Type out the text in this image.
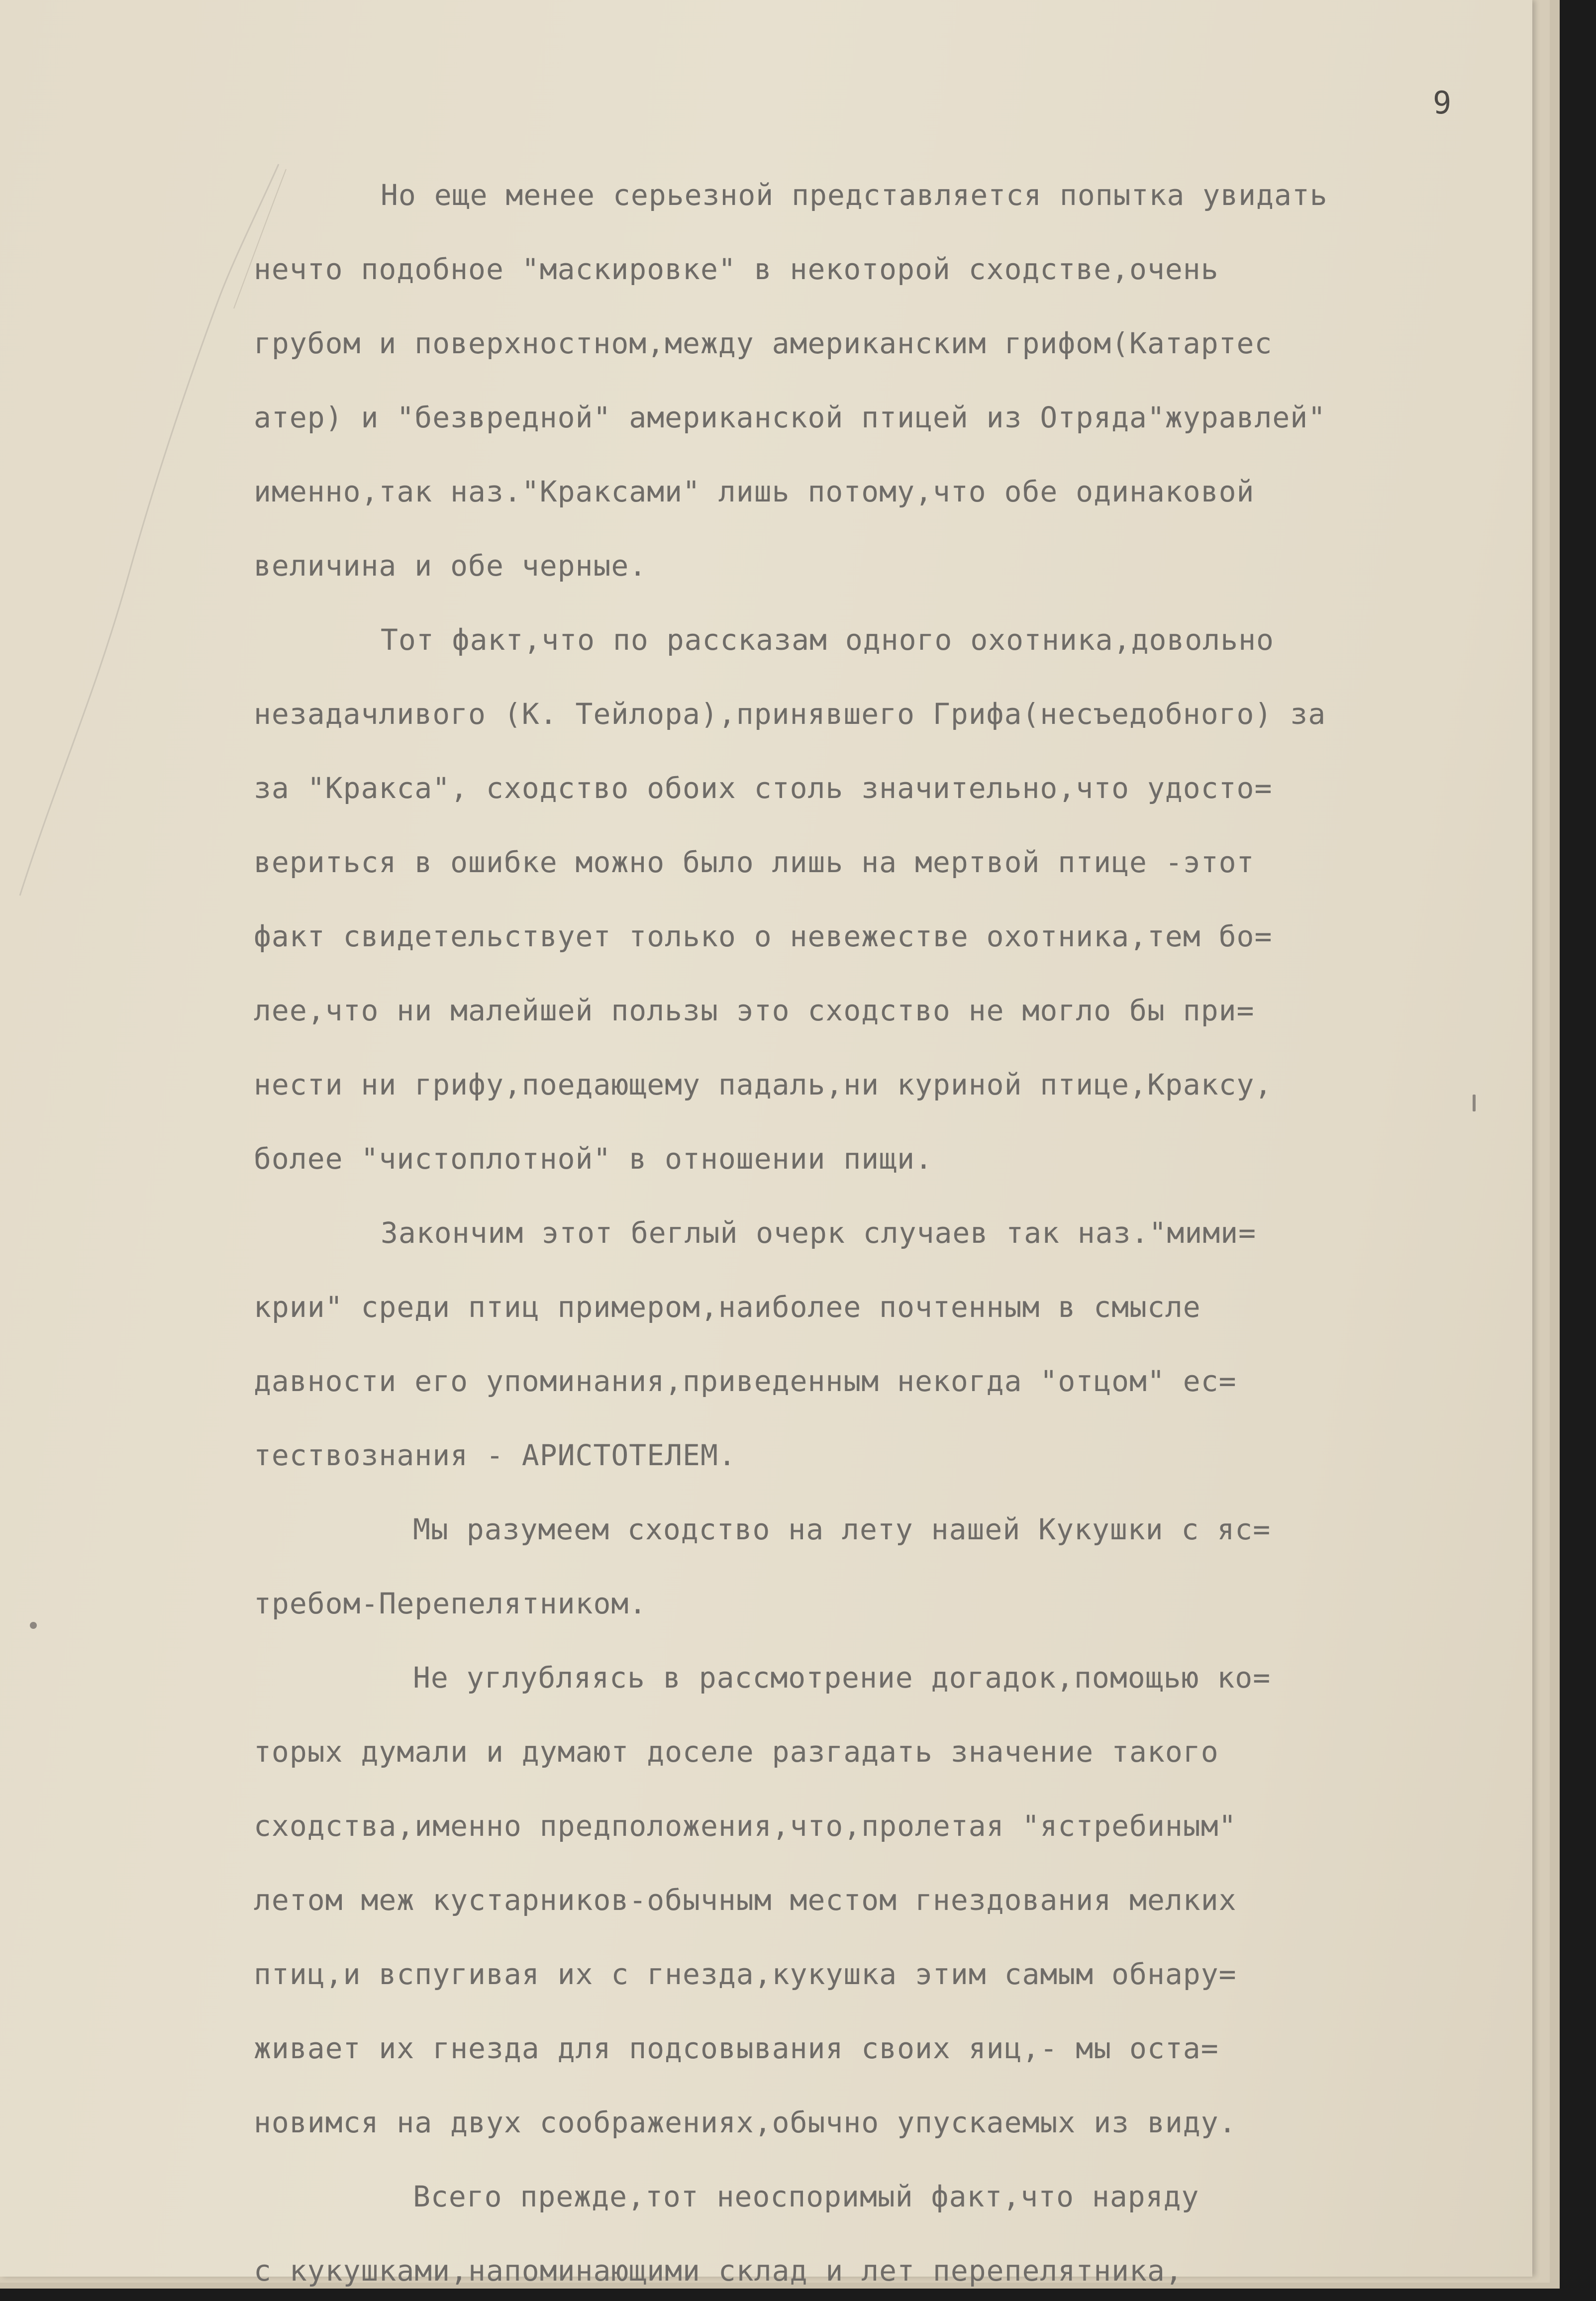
9
Но еще менее серьезной представляется попытка увидать
нечто подобное "маскировке" в некоторой сходстве,очень
грубом и поверхностном,между американским грифом(Катартес
атер) и "безвредной" американской птицей из Отряда"журавлей"
именно,так наз."Краксами" лишь потому,что обе одинаковой
величина и обе черные.
Тот факт,что по рассказам одного охотника,довольно
незадачливого (К. Тейлора),принявшего Грифа(несъедобного) за
за "Кракса", сходство обоих столь значительно,что удосто=
вериться в ошибке можно было лишь на мертвой птице -этот
факт свидетельствует только о невежестве охотника,тем бо=
лее,что ни малейшей пользы это сходство не могло бы при=
нести ни грифу,поедающему падаль,ни куриной птице,Краксу,
более "чистоплотной" в отношении пищи.
Закончим этот беглый очерк случаев так наз."мими=
крии" среди птиц примером,наиболее почтенным в смысле
давности его упоминания,приведенным некогда "отцом" ес=
тествознания - АРИСТОТЕЛЕМ.
Мы разумеем сходство на лету нашей Кукушки с яс=
требом-Перепелятником.
Не углубляясь в рассмотрение догадок,помощью ко=
торых думали и думают доселе разгадать значение такого
сходства,именно предположения,что,пролетая "ястребиным"
летом меж кустарников-обычным местом гнездования мелких
птиц,и вспугивая их с гнезда,кукушка этим самым обнару=
живает их гнезда для подсовывания своих яиц,- мы оста=
новимся на двух соображениях,обычно упускаемых из виду.
Всего прежде,тот неоспоримый факт,что наряду
с кукушками,напоминающими склад и лет перепелятника,
